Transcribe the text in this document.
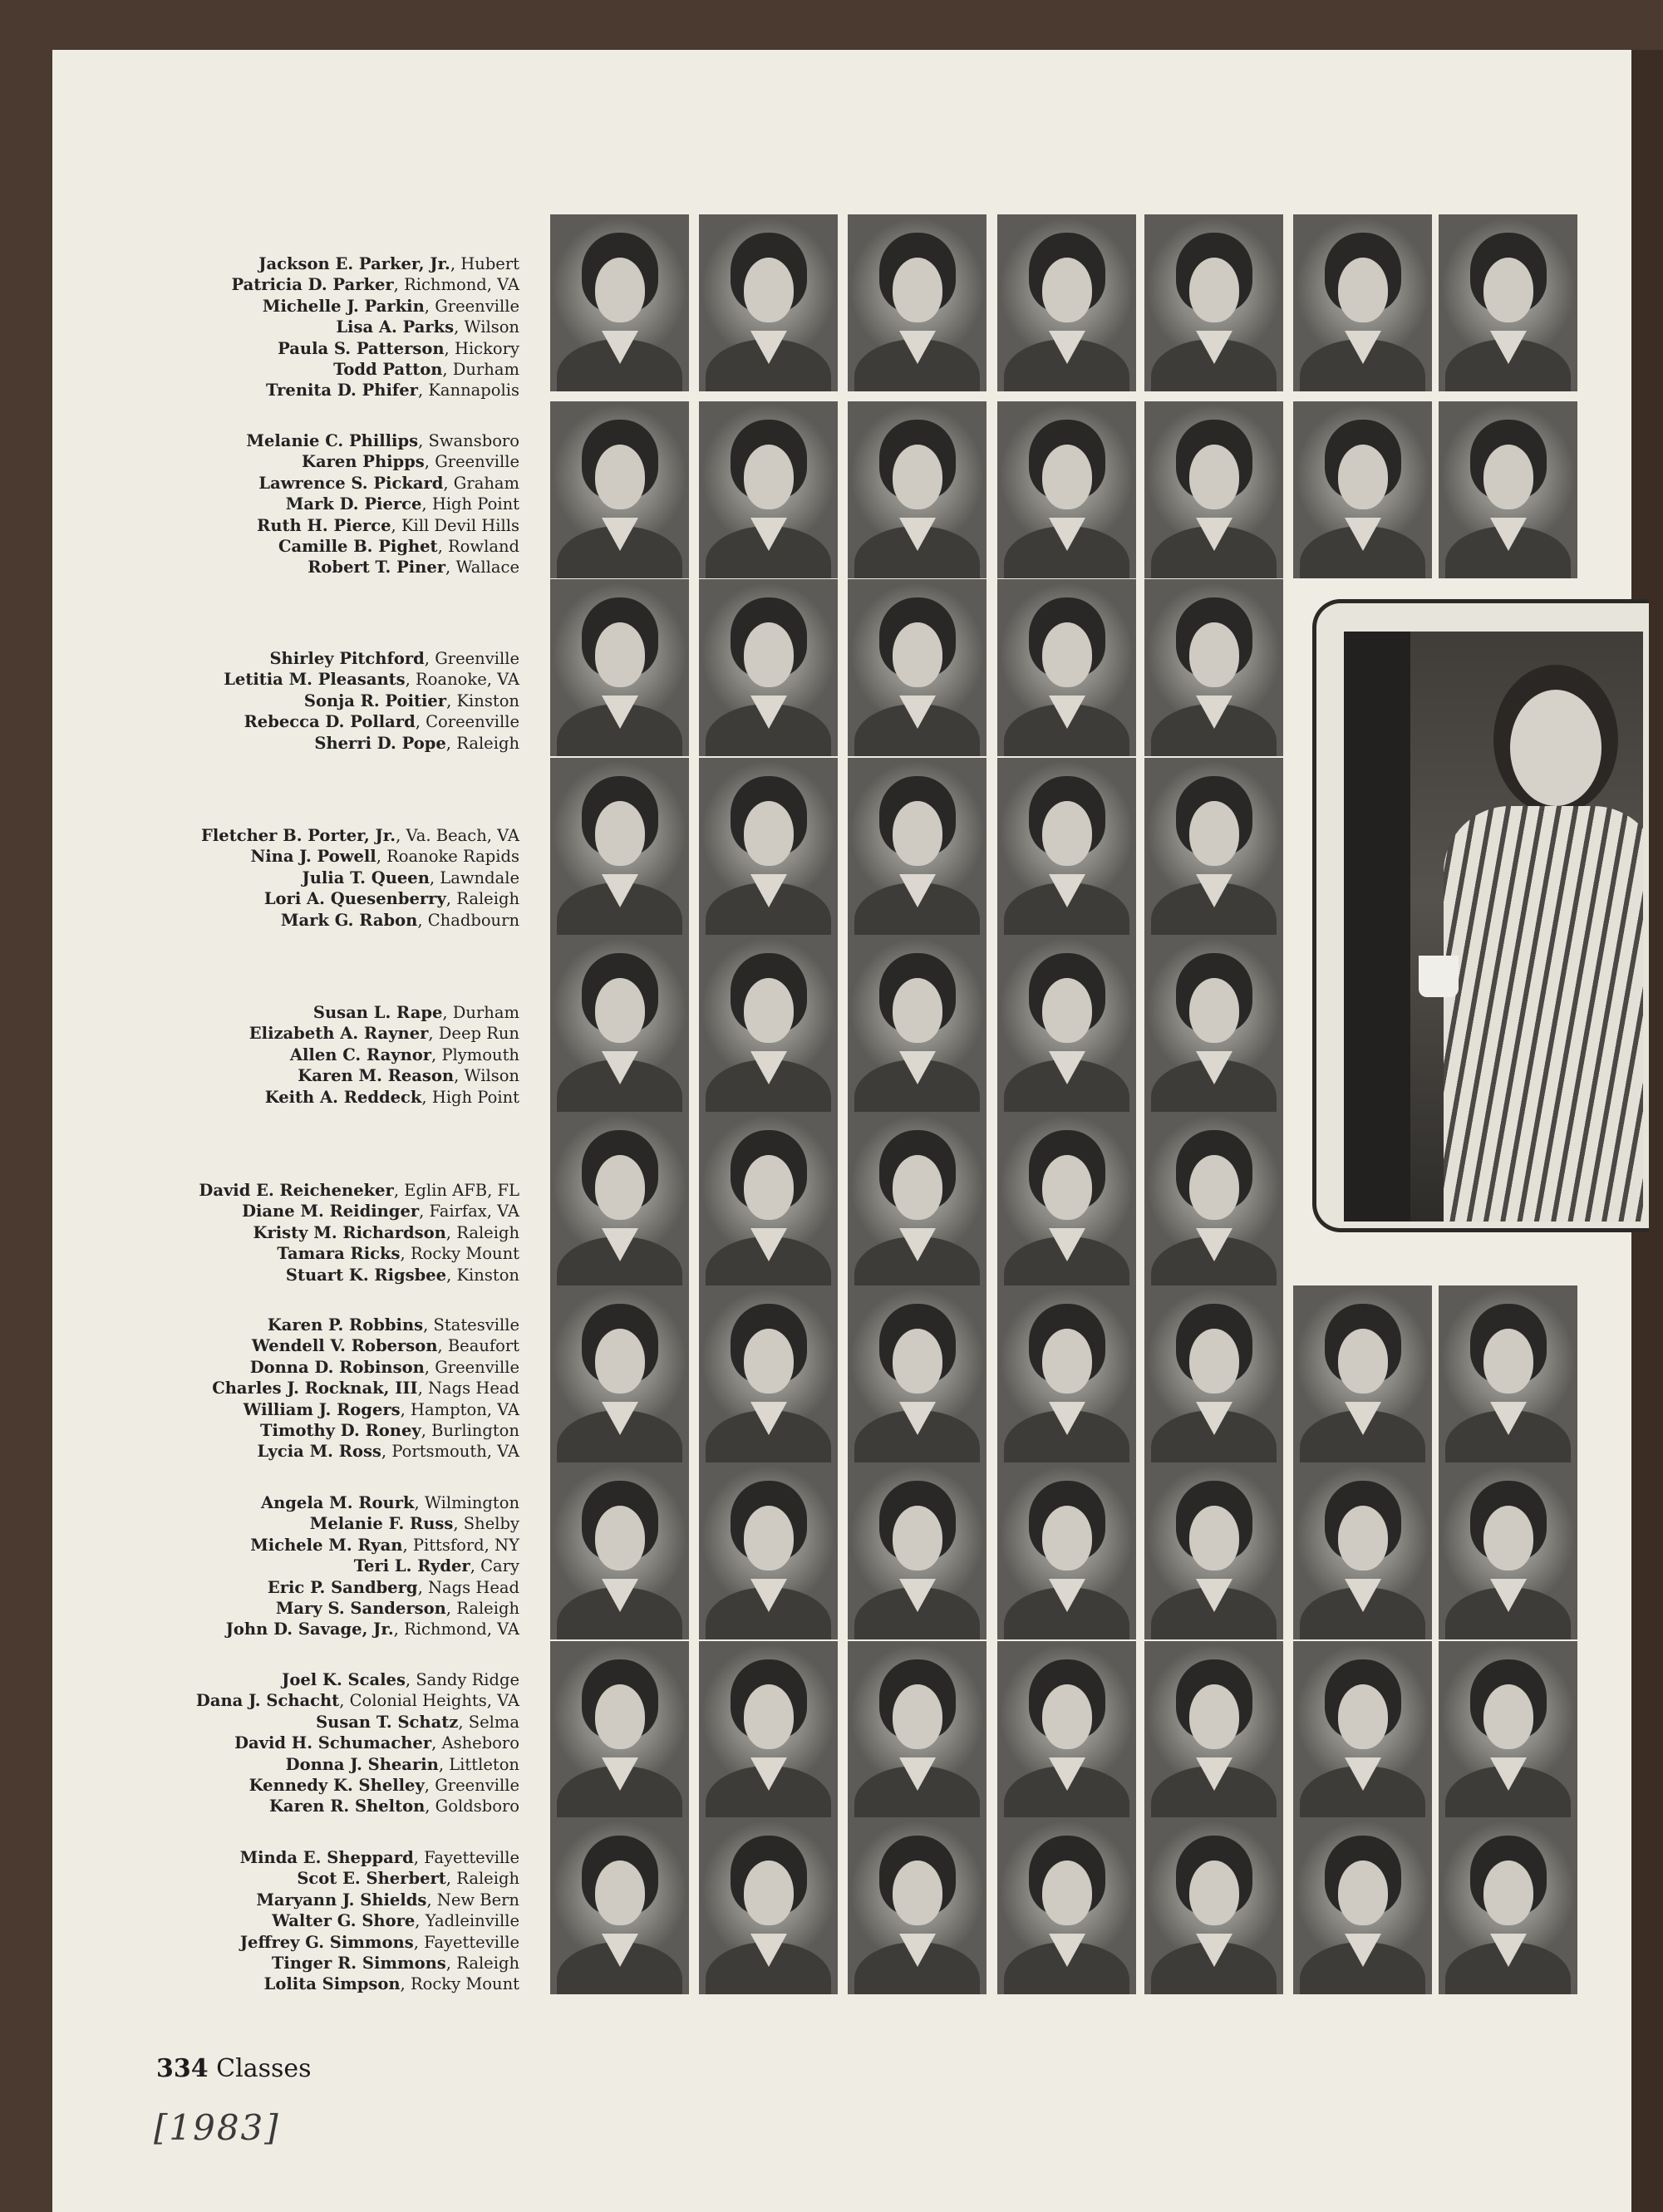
Jackson E. Parker, Jr., Hubert
Patricia D. Parker, Richmond, VA
Michelle J. Parkin, Greenville
Lisa A. Parks, Wilson
Paula S. Patterson, Hickory
Todd Patton, Durham
Trenita D. Phifer, Kannapolis
Melanie C. Phillips, Swansboro
Karen Phipps, Greenville
Lawrence S. Pickard, Graham
Mark D. Pierce, High Point
Ruth H. Pierce, Kill Devil Hills
Camille B. Pighet, Rowland
Robert T. Piner, Wallace
Shirley Pitchford, Greenville
Letitia M. Pleasants, Roanoke, VA
Sonja R. Poitier, Kinston
Rebecca D. Pollard, Coreenville
Sherri D. Pope, Raleigh
Fletcher B. Porter, Jr., Va. Beach, VA
Nina J. Powell, Roanoke Rapids
Julia T. Queen, Lawndale
Lori A. Quesenberry, Raleigh
Mark G. Rabon, Chadbourn
Susan L. Rape, Durham
Elizabeth A. Rayner, Deep Run
Allen C. Raynor, Plymouth
Karen M. Reason, Wilson
Keith A. Reddeck, High Point
David E. Reicheneker, Eglin AFB, FL
Diane M. Reidinger, Fairfax, VA
Kristy M. Richardson, Raleigh
Tamara Ricks, Rocky Mount
Stuart K. Rigsbee, Kinston
Karen P. Robbins, Statesville
Wendell V. Roberson, Beaufort
Donna D. Robinson, Greenville
Charles J. Rocknak, III, Nags Head
William J. Rogers, Hampton, VA
Timothy D. Roney, Burlington
Lycia M. Ross, Portsmouth, VA
Angela M. Rourk, Wilmington
Melanie F. Russ, Shelby
Michele M. Ryan, Pittsford, NY
Teri L. Ryder, Cary
Eric P. Sandberg, Nags Head
Mary S. Sanderson, Raleigh
John D. Savage, Jr., Richmond, VA
Joel K. Scales, Sandy Ridge
Dana J. Schacht, Colonial Heights, VA
Susan T. Schatz, Selma
David H. Schumacher, Asheboro
Donna J. Shearin, Littleton
Kennedy K. Shelley, Greenville
Karen R. Shelton, Goldsboro
Minda E. Sheppard, Fayetteville
Scot E. Sherbert, Raleigh
Maryann J. Shields, New Bern
Walter G. Shore, Yadleinville
Jeffrey G. Simmons, Fayetteville
Tinger R. Simmons, Raleigh
Lolita Simpson, Rocky Mount
334 Classes
[1983]
